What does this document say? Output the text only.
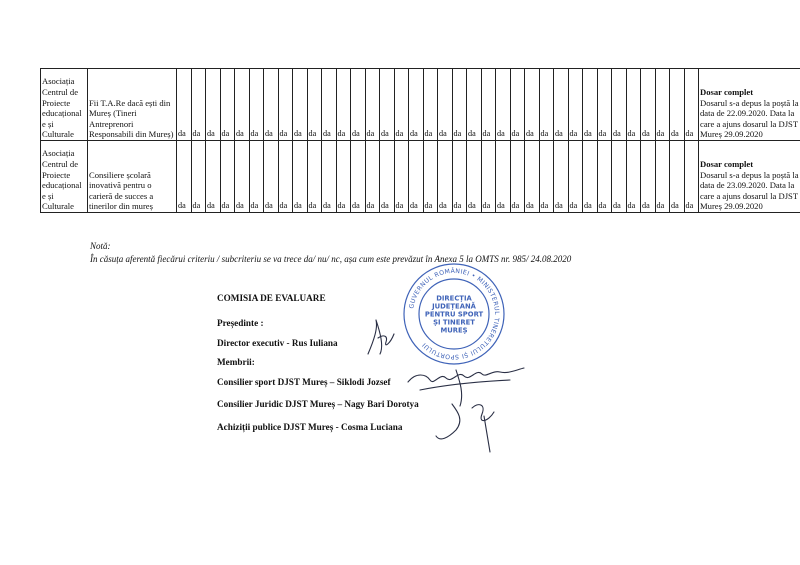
Asociația Centrul de Proiecte educațional e și Culturale	Fii T.A.Re dacă ești din Mureș (Tineri Antreprenori Responsabili din Mureș)	da	da	da	da	da	da	da	da	da	da	da	da	da	da	da	da	da	da	da	da	da	da	da	da	da	da	da	da	da	da	da	da	da	da	da	da	Dosar complet
Dosarul s-a depus la poștă la data de 22.09.2020. Data la care a ajuns dosarul la DJST Mureș 29.09.2020
Asociația Centrul de Proiecte educațional e și Culturale	Consiliere școlară inovativă pentru o carieră de succes a tinerilor din mureș	da	da	da	da	da	da	da	da	da	da	da	da	da	da	da	da	da	da	da	da	da	da	da	da	da	da	da	da	da	da	da	da	da	da	da	da	Dosar complet
Dosarul s-a depus la poștă la data de 23.09.2020. Data la care a ajuns dosarul la DJST Mureș 29.09.2020
Notă:
În căsuța aferentă fiecărui criteriu / subcriteriu se va trece da/ nu/ nc, așa cum este prevăzut în Anexa 5 la OMTS nr. 985/ 24.08.2020
COMISIA DE EVALUARE
Președinte :
Director executiv - Rus Iuliana
Membrii:
Consilier sport DJST Mureș – Siklodi Jozsef
Consilier Juridic DJST Mureș – Nagy Bari Dorotya
Achiziții publice DJST Mureș - Cosma Luciana
GUVERNUL ROMÂNIEI • MINISTERUL TINERETULUI ȘI SPORTULUI
DIRECȚIA
JUDEȚEANĂ
PENTRU SPORT
ȘI TINERET
MUREȘ
